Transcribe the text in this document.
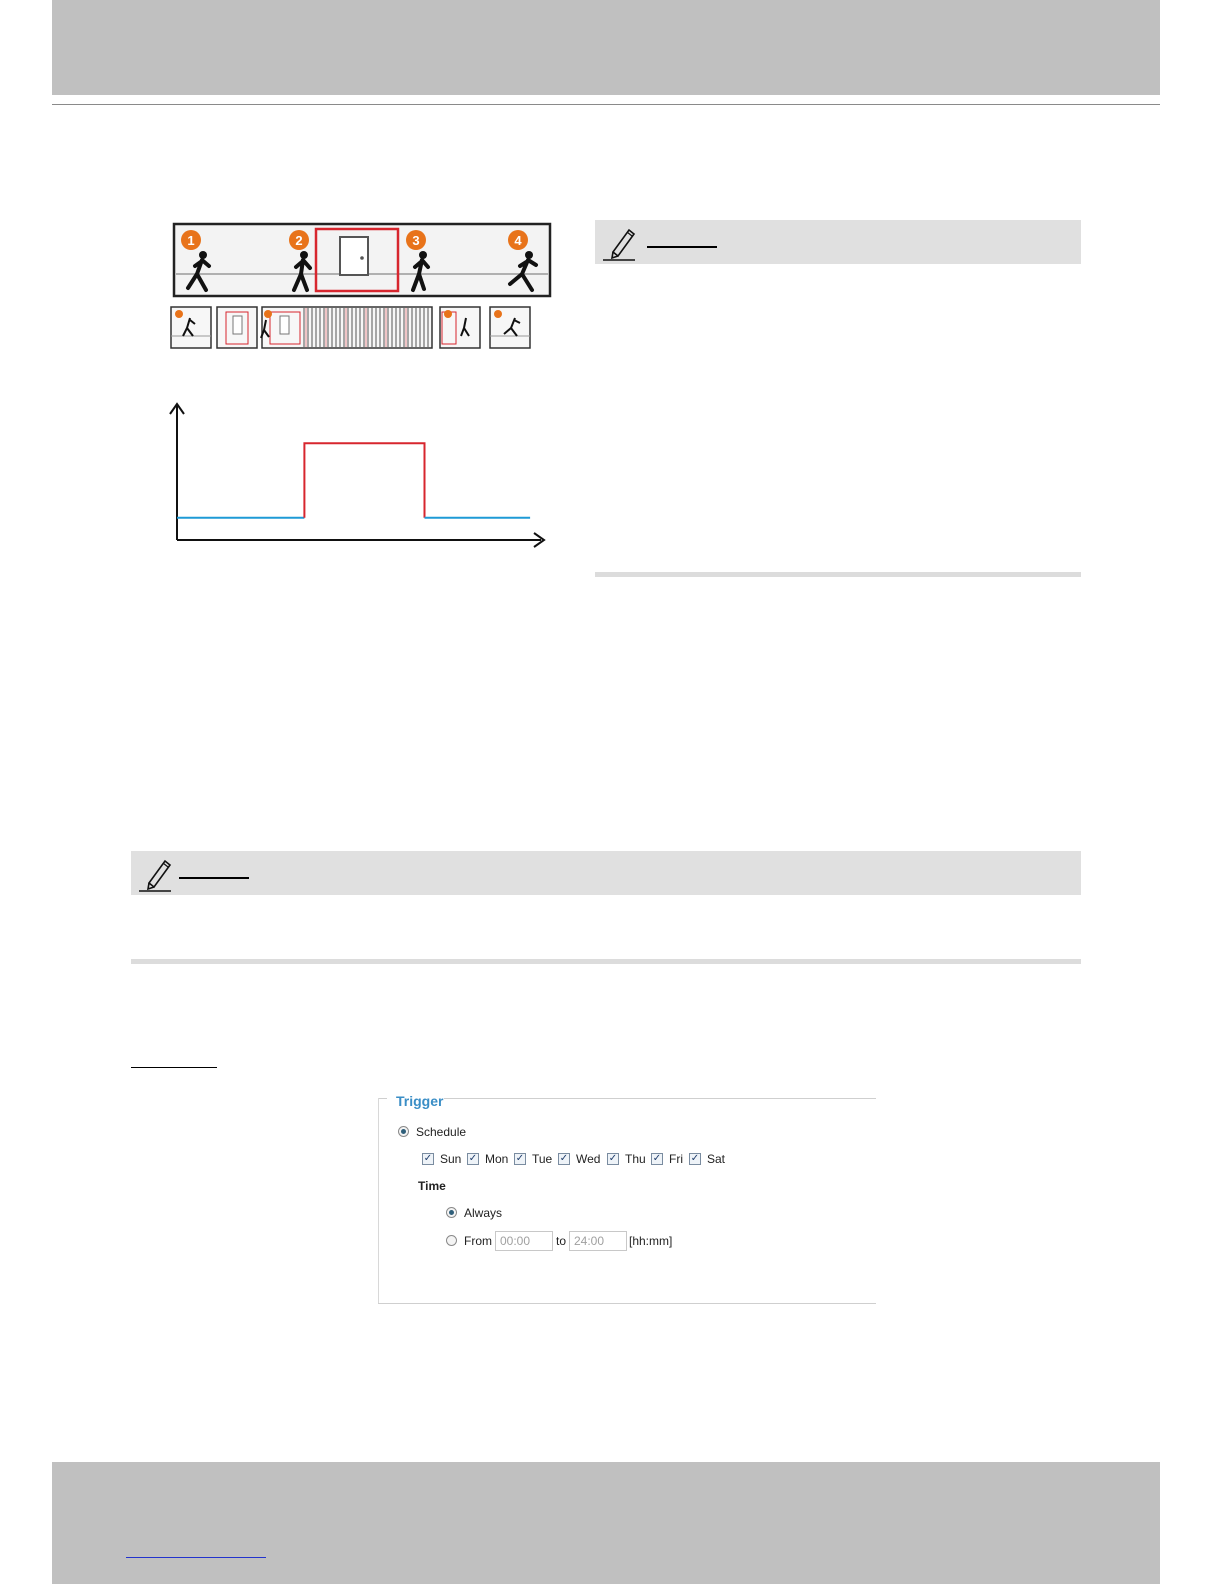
1	2	3	4
Trigger
Schedule
✓ Sun ✓ Mon ✓ Tue ✓ Wed ✓ Thu ✓ Fri ✓ Sat
Time
Always
From 00:00	to 24:00	[hh:mm]
